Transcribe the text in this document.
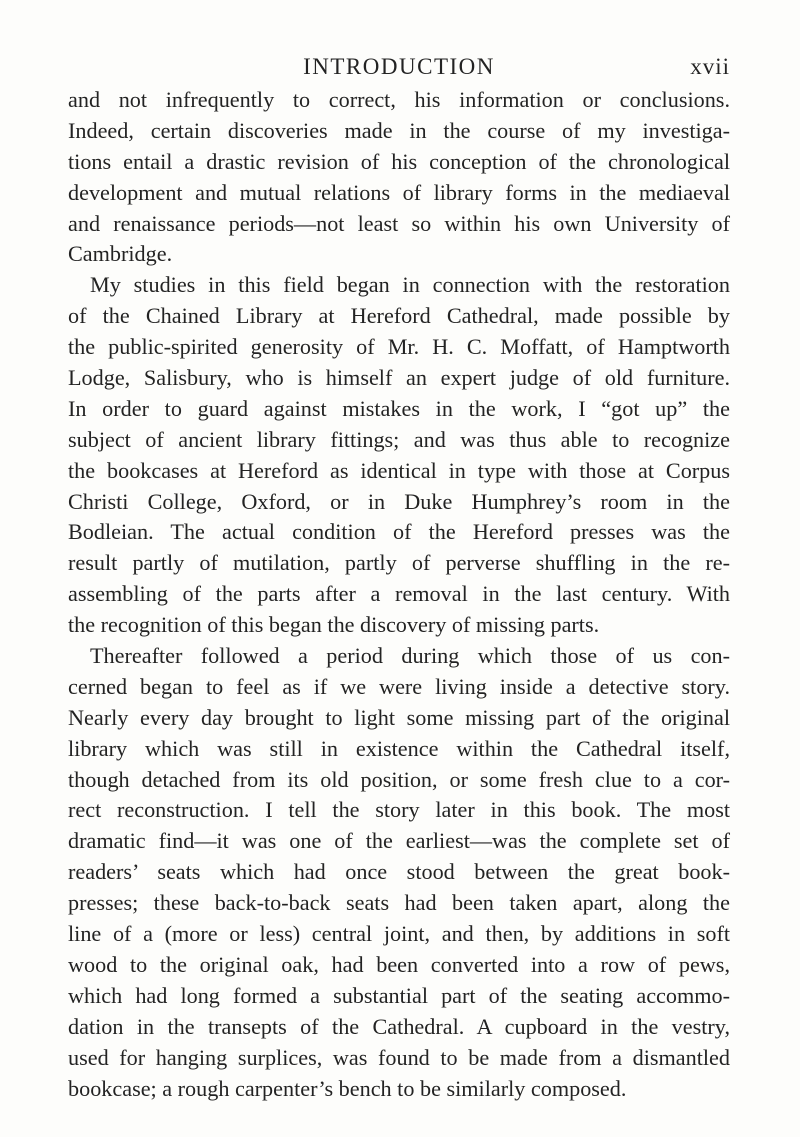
INTRODUCTION	xvii
and not infrequently to correct, his information or conclusions.
Indeed, certain discoveries made in the course of my investiga-
tions entail a drastic revision of his conception of the chronological
development and mutual relations of library forms in the mediaeval
and renaissance periods—not least so within his own University of
Cambridge.
My studies in this field began in connection with the restoration
of the Chained Library at Hereford Cathedral, made possible by
the public-spirited generosity of Mr. H. C. Moffatt, of Hamptworth
Lodge, Salisbury, who is himself an expert judge of old furniture.
In order to guard against mistakes in the work, I “got up” the
subject of ancient library fittings; and was thus able to recognize
the bookcases at Hereford as identical in type with those at Corpus
Christi College, Oxford, or in Duke Humphrey’s room in the
Bodleian. The actual condition of the Hereford presses was the
result partly of mutilation, partly of perverse shuffling in the re-
assembling of the parts after a removal in the last century. With
the recognition of this began the discovery of missing parts.
Thereafter followed a period during which those of us con-
cerned began to feel as if we were living inside a detective story.
Nearly every day brought to light some missing part of the original
library which was still in existence within the Cathedral itself,
though detached from its old position, or some fresh clue to a cor-
rect reconstruction. I tell the story later in this book. The most
dramatic find—it was one of the earliest—was the complete set of
readers’ seats which had once stood between the great book-
presses; these back-to-back seats had been taken apart, along the
line of a (more or less) central joint, and then, by additions in soft
wood to the original oak, had been converted into a row of pews,
which had long formed a substantial part of the seating accommo-
dation in the transepts of the Cathedral. A cupboard in the vestry,
used for hanging surplices, was found to be made from a dismantled
bookcase; a rough carpenter’s bench to be similarly composed.
